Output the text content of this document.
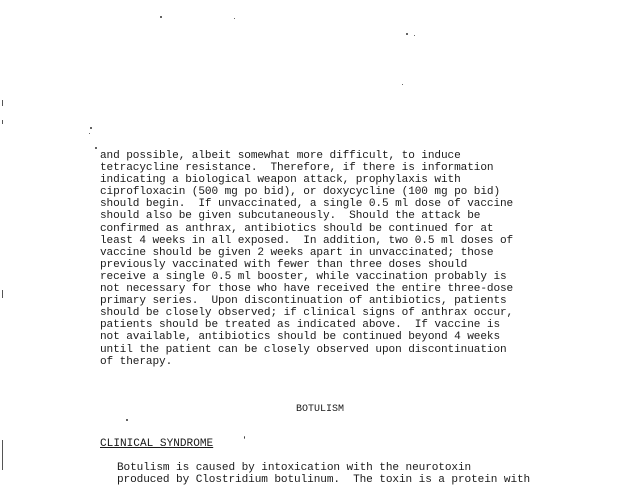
and possible, albeit somewhat more difficult, to induce
tetracycline resistance.  Therefore, if there is information
indicating a biological weapon attack, prophylaxis with
ciprofloxacin (500 mg po bid), or doxycycline (100 mg po bid)
should begin.  If unvaccinated, a single 0.5 ml dose of vaccine
should also be given subcutaneously.  Should the attack be
confirmed as anthrax, antibiotics should be continued for at
least 4 weeks in all exposed.  In addition, two 0.5 ml doses of
vaccine should be given 2 weeks apart in unvaccinated; those
previously vaccinated with fewer than three doses should
receive a single 0.5 ml booster, while vaccination probably is
not necessary for those who have received the entire three-dose
primary series.  Upon discontinuation of antibiotics, patients
should be closely observed; if clinical signs of anthrax occur,
patients should be treated as indicated above.  If vaccine is
not available, antibiotics should be continued beyond 4 weeks
until the patient can be closely observed upon discontinuation
of therapy.
BOTULISM
CLINICAL SYNDROME
Botulism is caused by intoxication with the neurotoxin
produced by Clostridium botulinum.  The toxin is a protein with
